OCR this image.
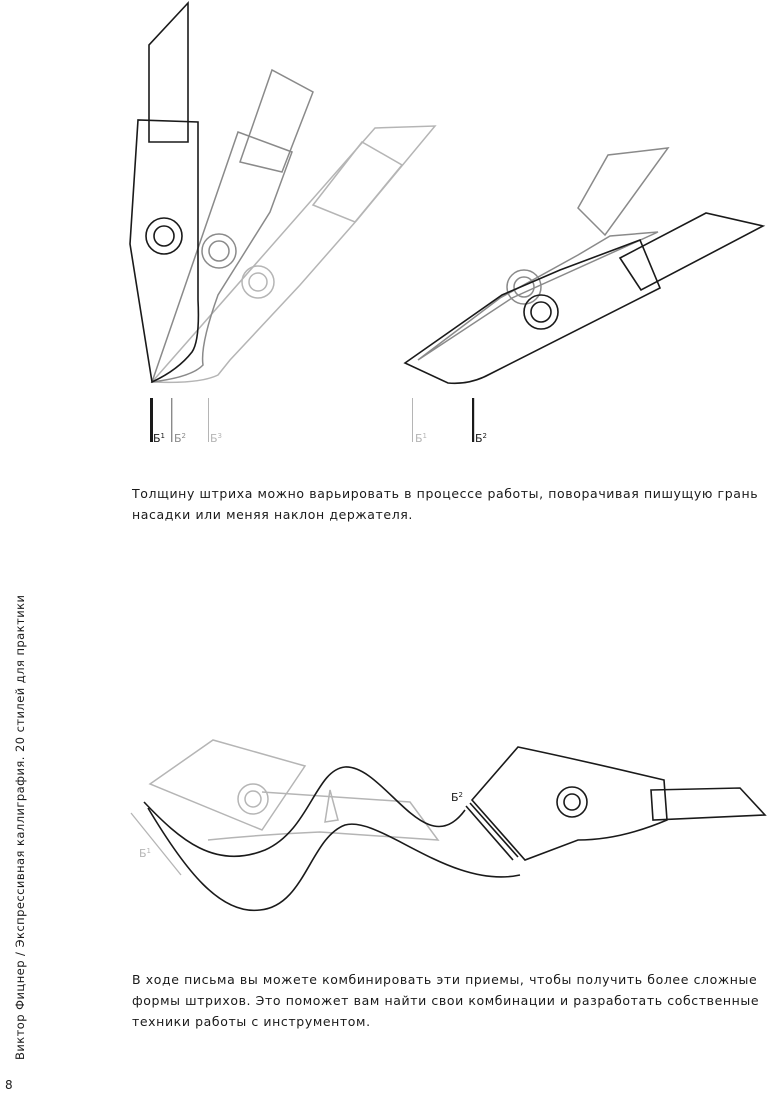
$Б^1$ $Б^2$ $Б^3$	$Б^1$	$Б^2$

Толщину штриха можно варьировать в процессе работы, поворачивая пишущую грань насадки или меняя наклон держателя.

$Б^1$
$Б^2$

В ходе письма вы можете комбинировать эти приемы, чтобы получить более сложные формы штрихов. Это поможет вам найти свои комбинации и разработать собственные техники работы с инструментом.

Виктор Фицнер / Экспрессивная каллиграфия. 20 стилей для практики
8
